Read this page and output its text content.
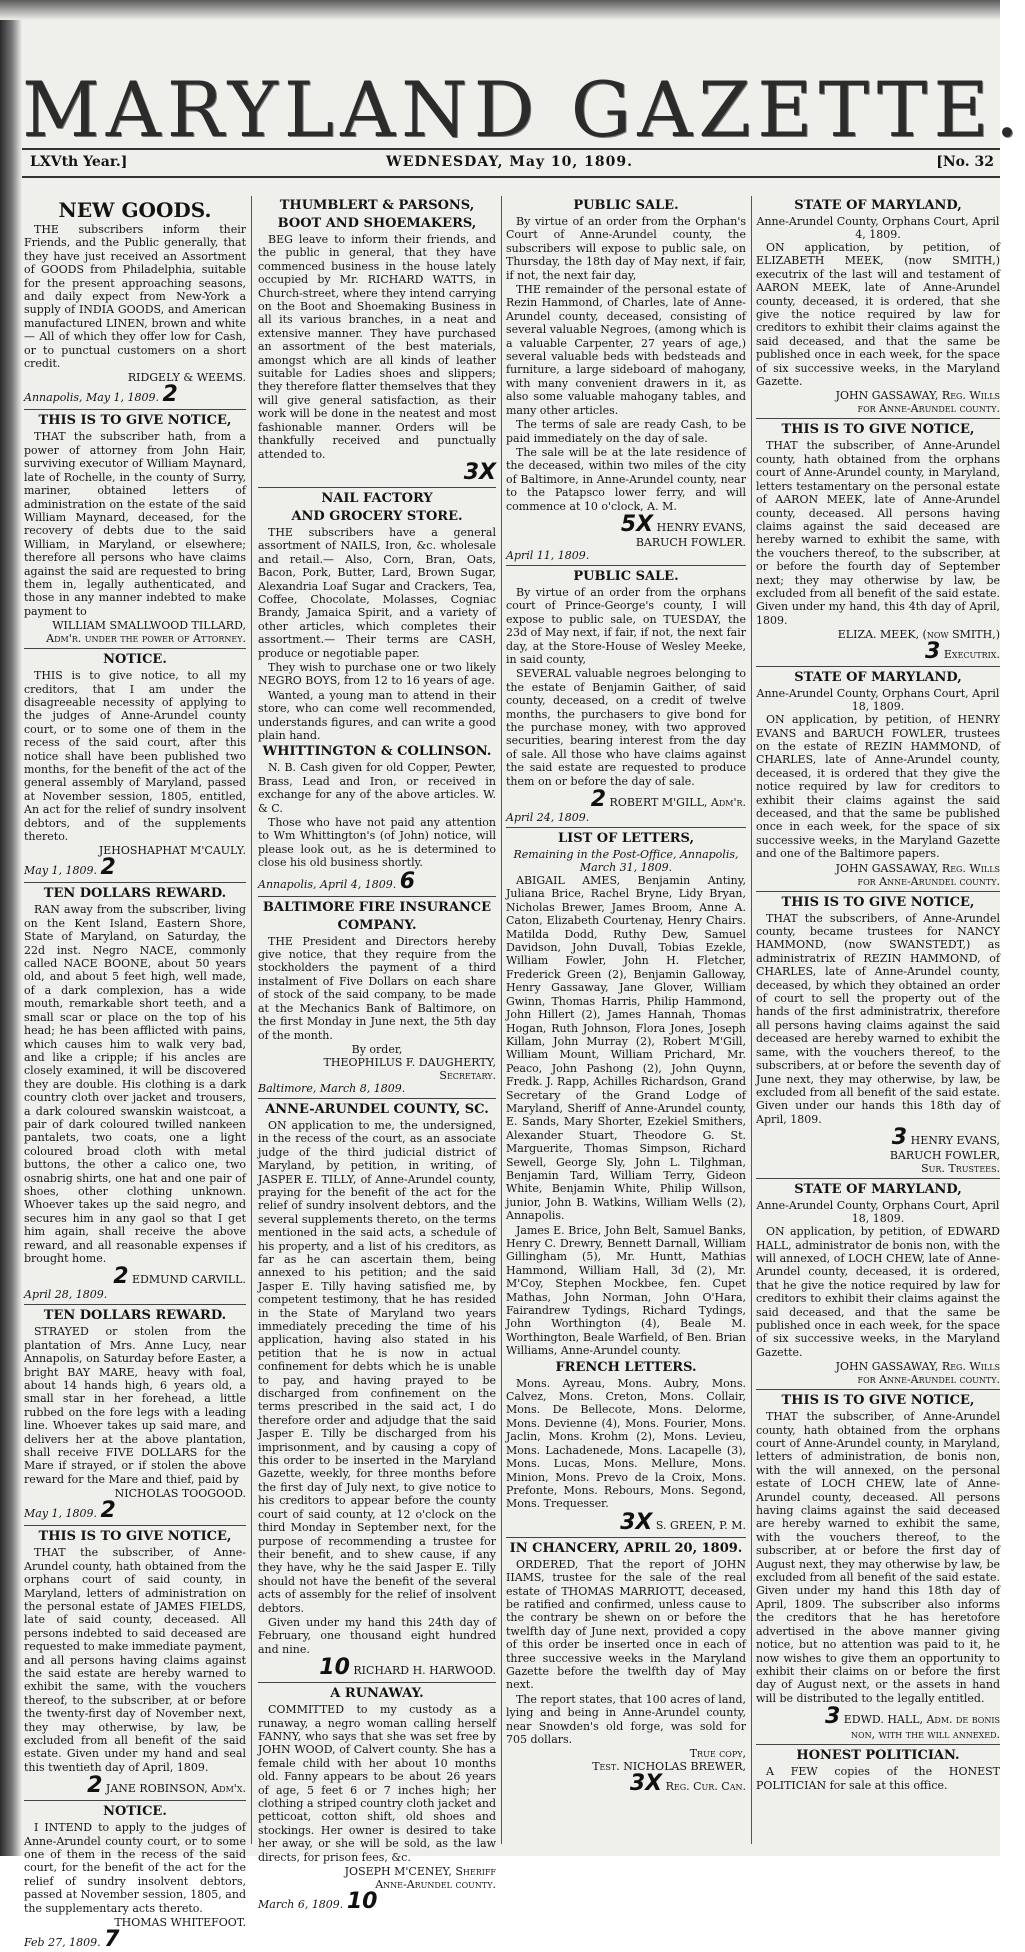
MARYLAND GAZETTE.
LXVth Year.]	WEDNESDAY, May 10, 1809.	[No. 32
NEW GOODS.
THE subscribers inform their Friends, and the Public generally, that they have just received an Assortment of GOODS from Philadelphia, suitable for the present approaching seasons, and daily expect from New-York a supply of INDIA GOODS, and American manufactured LINEN, brown and white — All of which they offer low for Cash, or to punctual customers on a short credit.
RIDGELY & WEEMS.
Annapolis, May 1, 1809. 2
THIS IS TO GIVE NOTICE,
THAT the subscriber hath, from a power of attorney from John Hair, surviving executor of William Maynard, late of Rochelle, in the county of Surry, mariner, obtained letters of administration on the estate of the said William Maynard, deceased, for the recovery of debts due to the said William, in Maryland, or elsewhere; therefore all persons who have claims against the said are requested to bring them in, legally authenticated, and those in any manner indebted to make payment to
WILLIAM SMALLWOOD TILLARD,
Adm'r. under the power of Attorney.
NOTICE.
THIS is to give notice, to all my creditors, that I am under the disagreeable necessity of applying to the judges of Anne-Arundel county court, or to some one of them in the recess of the said court, after this notice shall have been published two months, for the benefit of the act of the general assembly of Maryland, passed at November session, 1805, entitled, An act for the relief of sundry insolvent debtors, and of the supplements thereto.
JEHOSHAPHAT M'CAULY.
May 1, 1809. 2
TEN DOLLARS REWARD.
RAN away from the subscriber, living on the Kent Island, Eastern Shore, State of Maryland, on Saturday, the 22d inst. Negro NACE, commonly called NACE BOONE, about 50 years old, and about 5 feet high, well made, of a dark complexion, has a wide mouth, remarkable short teeth, and a small scar or place on the top of his head; he has been afflicted with pains, which causes him to walk very bad, and like a cripple; if his ancles are closely examined, it will be discovered they are double. His clothing is a dark country cloth over jacket and trousers, a dark coloured swanskin waistcoat, a pair of dark coloured twilled nankeen pantalets, two coats, one a light coloured broad cloth with metal buttons, the other a calico one, two osnabrig shirts, one hat and one pair of shoes, other clothing unknown. Whoever takes up the said negro, and secures him in any gaol so that I get him again, shall receive the above reward, and all reasonable expenses if brought home.
2 EDMUND CARVILL.
April 28, 1809.
TEN DOLLARS REWARD.
STRAYED or stolen from the plantation of Mrs. Anne Lucy, near Annapolis, on Saturday before Easter, a bright BAY MARE, heavy with foal, about 14 hands high, 6 years old, a small star in her forehead, a little rubbed on the fore legs with a leading line. Whoever takes up said mare, and delivers her at the above plantation, shall receive FIVE DOLLARS for the Mare if strayed, or if stolen the above reward for the Mare and thief, paid by
NICHOLAS TOOGOOD.
May 1, 1809. 2
THIS IS TO GIVE NOTICE,
THAT the subscriber, of Anne-Arundel county, hath obtained from the orphans court of said county, in Maryland, letters of administration on the personal estate of JAMES FIELDS, late of said county, deceased. All persons indebted to said deceased are requested to make immediate payment, and all persons having claims against the said estate are hereby warned to exhibit the same, with the vouchers thereof, to the subscriber, at or before the twenty-first day of November next, they may otherwise, by law, be excluded from all benefit of the said estate. Given under my hand and seal this twentieth day of April, 1809.
2 JANE ROBINSON, Adm'x.
NOTICE.
I INTEND to apply to the judges of Anne-Arundel county court, or to some one of them in the recess of the said court, for the benefit of the act for the relief of sundry insolvent debtors, passed at November session, 1805, and the supplementary acts thereto.
THOMAS WHITEFOOT.
Feb 27, 1809. 7
THUMBLERT & PARSONS,
BOOT AND SHOEMAKERS,
BEG leave to inform their friends, and the public in general, that they have commenced business in the house lately occupied by Mr. RICHARD WATTS, in Church-street, where they intend carrying on the Boot and Shoemaking Business in all its various branches, in a neat and extensive manner. They have purchased an assortment of the best materials, amongst which are all kinds of leather suitable for Ladies shoes and slippers; they therefore flatter themselves that they will give general satisfaction, as their work will be done in the neatest and most fashionable manner. Orders will be thankfully received and punctually attended to.
3X
NAIL FACTORY
AND GROCERY STORE.
THE subscribers have a general assortment of NAILS, Iron, &c. wholesale and retail.— Also, Corn, Bran, Oats, Bacon, Pork, Butter, Lard, Brown Sugar, Alexandria Loaf Sugar and Crackers, Tea, Coffee, Chocolate, Molasses, Cogniac Brandy, Jamaica Spirit, and a variety of other articles, which completes their assortment.— Their terms are CASH, produce or negotiable paper.
They wish to purchase one or two likely NEGRO BOYS, from 12 to 16 years of age.
Wanted, a young man to attend in their store, who can come well recommended, understands figures, and can write a good plain hand.
WHITTINGTON & COLLINSON.
N. B. Cash given for old Copper, Pewter, Brass, Lead and Iron, or received in exchange for any of the above articles. W. & C.
Those who have not paid any attention to Wm Whittington's (of John) notice, will please look out, as he is determined to close his old business shortly.
Annapolis, April 4, 1809. 6
BALTIMORE FIRE INSURANCE
COMPANY.
THE President and Directors hereby give notice, that they require from the stockholders the payment of a third instalment of Five Dollars on each share of stock of the said company, to be made at the Mechanics Bank of Baltimore, on the first Monday in June next, the 5th day of the month.
By order,
THEOPHILUS F. DAUGHERTY,
Secretary.
Baltimore, March 8, 1809.
ANNE-ARUNDEL COUNTY, SC.
ON application to me, the undersigned, in the recess of the court, as an associate judge of the third judicial district of Maryland, by petition, in writing, of JASPER E. TILLY, of Anne-Arundel county, praying for the benefit of the act for the relief of sundry insolvent debtors, and the several supplements thereto, on the terms mentioned in the said acts, a schedule of his property, and a list of his creditors, as far as he can ascertain them, being annexed to his petition; and the said Jasper E. Tilly having satisfied me, by competent testimony, that he has resided in the State of Maryland two years immediately preceding the time of his application, having also stated in his petition that he is now in actual confinement for debts which he is unable to pay, and having prayed to be discharged from confinement on the terms prescribed in the said act, I do therefore order and adjudge that the said Jasper E. Tilly be discharged from his imprisonment, and by causing a copy of this order to be inserted in the Maryland Gazette, weekly, for three months before the first day of July next, to give notice to his creditors to appear before the county court of said county, at 12 o'clock on the third Monday in September next, for the purpose of recommending a trustee for their benefit, and to shew cause, if any they have, why he the said Jasper E. Tilly should not have the benefit of the several acts of assembly for the relief of insolvent debtors.
Given under my hand this 24th day of February, one thousand eight hundred and nine.
10 RICHARD H. HARWOOD.
A RUNAWAY.
COMMITTED to my custody as a runaway, a negro woman calling herself FANNY, who says that she was set free by JOHN WOOD, of Calvert county. She has a female child with her about 10 months old. Fanny appears to be about 26 years of age, 5 feet 6 or 7 inches high; her clothing a striped country cloth jacket and petticoat, cotton shift, old shoes and stockings. Her owner is desired to take her away, or she will be sold, as the law directs, for prison fees, &c.
JOSEPH M'CENEY, Sheriff
Anne-Arundel county.
March 6, 1809. 10
PUBLIC SALE.
By virtue of an order from the Orphan's Court of Anne-Arundel county, the subscribers will expose to public sale, on Thursday, the 18th day of May next, if fair, if not, the next fair day,
THE remainder of the personal estate of Rezin Hammond, of Charles, late of Anne-Arundel county, deceased, consisting of several valuable Negroes, (among which is a valuable Carpenter, 27 years of age,) several valuable beds with bedsteads and furniture, a large sideboard of mahogany, with many convenient drawers in it, as also some valuable mahogany tables, and many other articles.
The terms of sale are ready Cash, to be paid immediately on the day of sale.
The sale will be at the late residence of the deceased, within two miles of the city of Baltimore, in Anne-Arundel county, near to the Patapsco lower ferry, and will commence at 10 o'clock, A. M.
5X HENRY EVANS,
BARUCH FOWLER.
April 11, 1809.
PUBLIC SALE.
By virtue of an order from the orphans court of Prince-George's county, I will expose to public sale, on TUESDAY, the 23d of May next, if fair, if not, the next fair day, at the Store-House of Wesley Meeke, in said county,
SEVERAL valuable negroes belonging to the estate of Benjamin Gaither, of said county, deceased, on a credit of twelve months, the purchasers to give bond for the purchase money, with two approved securities, bearing interest from the day of sale. All those who have claims against the said estate are requested to produce them on or before the day of sale.
2 ROBERT M'GILL, Adm'r.
April 24, 1809.
LIST OF LETTERS,
Remaining in the Post-Office, Annapolis, March 31, 1809.
ABIGAIL AMES, Benjamin Antiny, Juliana Brice, Rachel Bryne, Lidy Bryan, Nicholas Brewer, James Broom, Anne A. Caton, Elizabeth Courtenay, Henry Chairs. Matilda Dodd, Ruthy Dew, Samuel Davidson, John Duvall, Tobias Ezekle, William Fowler, John H. Fletcher, Frederick Green (2), Benjamin Galloway, Henry Gassaway, Jane Glover, William Gwinn, Thomas Harris, Philip Hammond, John Hillert (2), James Hannah, Thomas Hogan, Ruth Johnson, Flora Jones, Joseph Killam, John Murray (2), Robert M'Gill, William Mount, William Prichard, Mr. Peaco, John Pashong (2), John Quynn, Fredk. J. Rapp, Achilles Richardson, Grand Secretary of the Grand Lodge of Maryland, Sheriff of Anne-Arundel county, E. Sands, Mary Shorter, Ezekiel Smithers, Alexander Stuart, Theodore G. St. Marguerite, Thomas Simpson, Richard Sewell, George Sly, John L. Tilghman, Benjamin Tard, William Terry, Gideon White, Benjamin White, Philip Willson, junior, John B. Watkins, William Wells (2), Annapolis.
James E. Brice, John Belt, Samuel Banks, Henry C. Drewry, Bennett Darnall, William Gillingham (5), Mr. Huntt, Mathias Hammond, William Hall, 3d (2), Mr. M'Coy, Stephen Mockbee, fen. Cupet Mathas, John Norman, John O'Hara, Fairandrew Tydings, Richard Tydings, John Worthington (4), Beale M. Worthington, Beale Warfield, of Ben. Brian Williams, Anne-Arundel county.
FRENCH LETTERS.
Mons. Ayreau, Mons. Aubry, Mons. Calvez, Mons. Creton, Mons. Collair, Mons. De Bellecote, Mons. Delorme, Mons. Devienne (4), Mons. Fourier, Mons. Jaclin, Mons. Krohm (2), Mons. Levieu, Mons. Lachadenede, Mons. Lacapelle (3), Mons. Lucas, Mons. Mellure, Mons. Minion, Mons. Prevo de la Croix, Mons. Prefonte, Mons. Rebours, Mons. Segond, Mons. Trequesser.
3X S. GREEN, P. M.
IN CHANCERY, APRIL 20, 1809.
ORDERED, That the report of JOHN IIAMS, trustee for the sale of the real estate of THOMAS MARRIOTT, deceased, be ratified and confirmed, unless cause to the contrary be shewn on or before the twelfth day of June next, provided a copy of this order be inserted once in each of three successive weeks in the Maryland Gazette before the twelfth day of May next.
The report states, that 100 acres of land, lying and being in Anne-Arundel county, near Snowden's old forge, was sold for 705 dollars.
True copy,
Test. NICHOLAS BREWER,
3X Reg. Cur. Can.
STATE OF MARYLAND,
Anne-Arundel County, Orphans Court, April 4, 1809.
ON application, by petition, of ELIZABETH MEEK, (now SMITH,) executrix of the last will and testament of AARON MEEK, late of Anne-Arundel county, deceased, it is ordered, that she give the notice required by law for creditors to exhibit their claims against the said deceased, and that the same be published once in each week, for the space of six successive weeks, in the Maryland Gazette.
JOHN GASSAWAY, Reg. Wills
for Anne-Arundel county.
THIS IS TO GIVE NOTICE,
THAT the subscriber, of Anne-Arundel county, hath obtained from the orphans court of Anne-Arundel county, in Maryland, letters testamentary on the personal estate of AARON MEEK, late of Anne-Arundel county, deceased. All persons having claims against the said deceased are hereby warned to exhibit the same, with the vouchers thereof, to the subscriber, at or before the fourth day of September next; they may otherwise by law, be excluded from all benefit of the said estate. Given under my hand, this 4th day of April, 1809.
ELIZA. MEEK, (now SMITH,)
3 Executrix.
STATE OF MARYLAND,
Anne-Arundel County, Orphans Court, April 18, 1809.
ON application, by petition, of HENRY EVANS and BARUCH FOWLER, trustees on the estate of REZIN HAMMOND, of CHARLES, late of Anne-Arundel county, deceased, it is ordered that they give the notice required by law for creditors to exhibit their claims against the said deceased, and that the same be published once in each week, for the space of six successive weeks, in the Maryland Gazette and one of the Baltimore papers.
JOHN GASSAWAY, Reg. Wills
for Anne-Arundel county.
THIS IS TO GIVE NOTICE,
THAT the subscribers, of Anne-Arundel county, became trustees for NANCY HAMMOND, (now SWANSTEDT,) as administratrix of REZIN HAMMOND, of CHARLES, late of Anne-Arundel county, deceased, by which they obtained an order of court to sell the property out of the hands of the first administratrix, therefore all persons having claims against the said deceased are hereby warned to exhibit the same, with the vouchers thereof, to the subscribers, at or before the seventh day of June next, they may otherwise, by law, be excluded from all benefit of the said estate. Given under our hands this 18th day of April, 1809.
3 HENRY EVANS,
BARUCH FOWLER,
Sur. Trustees.
STATE OF MARYLAND,
Anne-Arundel County, Orphans Court, April 18, 1809.
ON application, by petition, of EDWARD HALL, administrator de bonis non, with the will annexed, of LOCH CHEW, late of Anne-Arundel county, deceased, it is ordered, that he give the notice required by law for creditors to exhibit their claims against the said deceased, and that the same be published once in each week, for the space of six successive weeks, in the Maryland Gazette.
JOHN GASSAWAY, Reg. Wills
for Anne-Arundel county.
THIS IS TO GIVE NOTICE,
THAT the subscriber, of Anne-Arundel county, hath obtained from the orphans court of Anne-Arundel county, in Maryland, letters of administration, de bonis non, with the will annexed, on the personal estate of LOCH CHEW, late of Anne-Arundel county, deceased. All persons having claims against the said deceased are hereby warned to exhibit the same, with the vouchers thereof, to the subscriber, at or before the first day of August next, they may otherwise by law, be excluded from all benefit of the said estate. Given under my hand this 18th day of April, 1809. The subscriber also informs the creditors that he has heretofore advertised in the above manner giving notice, but no attention was paid to it, he now wishes to give them an opportunity to exhibit their claims on or before the first day of August next, or the assets in hand will be distributed to the legally entitled.
3 EDWD. HALL, Adm. de bonis
non, with the will annexed.
HONEST POLITICIAN.
A FEW copies of the HONEST POLITICIAN for sale at this office.
